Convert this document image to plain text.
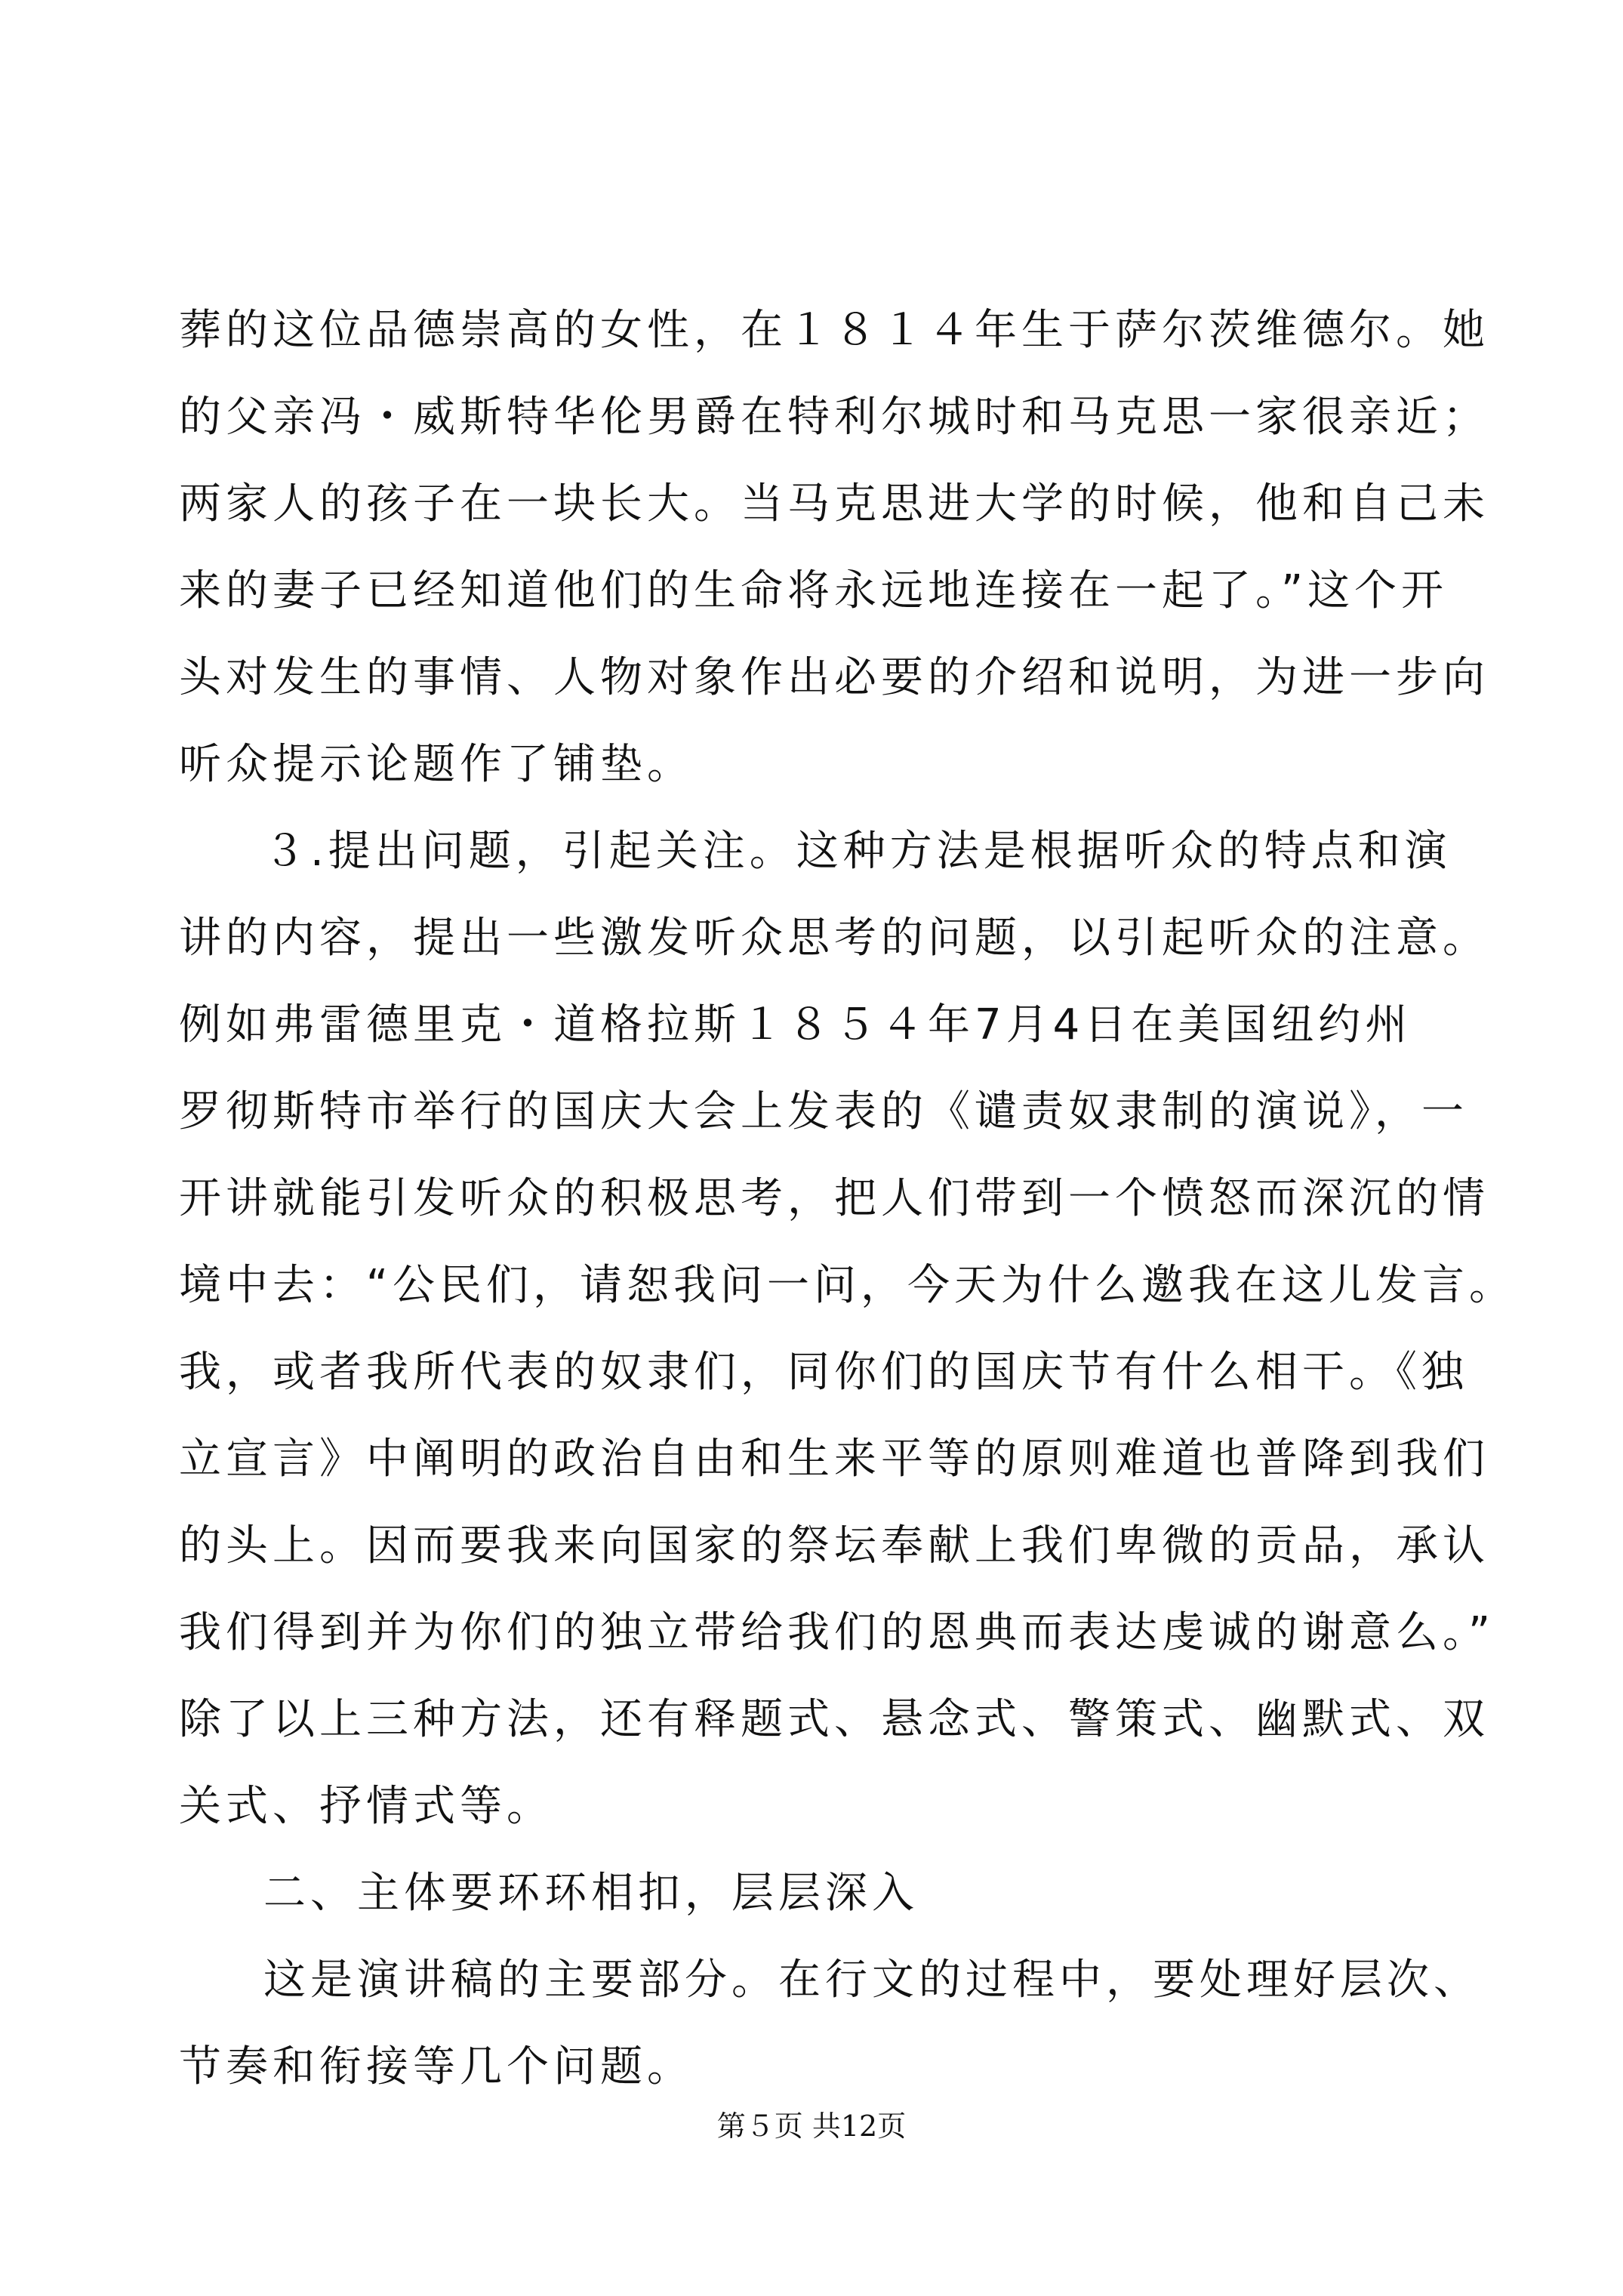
葬的这位品德崇高的女性，在１８１４年生于萨尔茨维德尔。她
的父亲冯・威斯特华伦男爵在特利尔城时和马克思一家很亲近；
两家人的孩子在一块长大。当马克思进大学的时候，他和自己未
来的妻子已经知道他们的生命将永远地连接在一起了。”这个开
头对发生的事情、人物对象作出必要的介绍和说明，为进一步向
听众提示论题作了铺垫。
３.提出问题，引起关注。这种方法是根据听众的特点和演
讲的内容，提出一些激发听众思考的问题，以引起听众的注意。
例如弗雷德里克・道格拉斯１８５４年7月4日在美国纽约州
罗彻斯特市举行的国庆大会上发表的《谴责奴隶制的演说》，一
开讲就能引发听众的积极思考，把人们带到一个愤怒而深沉的情
境中去：“公民们，请恕我问一问，今天为什么邀我在这儿发言。
我，或者我所代表的奴隶们，同你们的国庆节有什么相干。《独
立宣言》中阐明的政治自由和生来平等的原则难道也普降到我们
的头上。因而要我来向国家的祭坛奉献上我们卑微的贡品，承认
我们得到并为你们的独立带给我们的恩典而表达虔诚的谢意么。”
除了以上三种方法，还有释题式、悬念式、警策式、幽默式、双
关式、抒情式等。
二、主体要环环相扣，层层深入
这是演讲稿的主要部分。在行文的过程中，要处理好层次、
节奏和衔接等几个问题。
第５页 共12页
